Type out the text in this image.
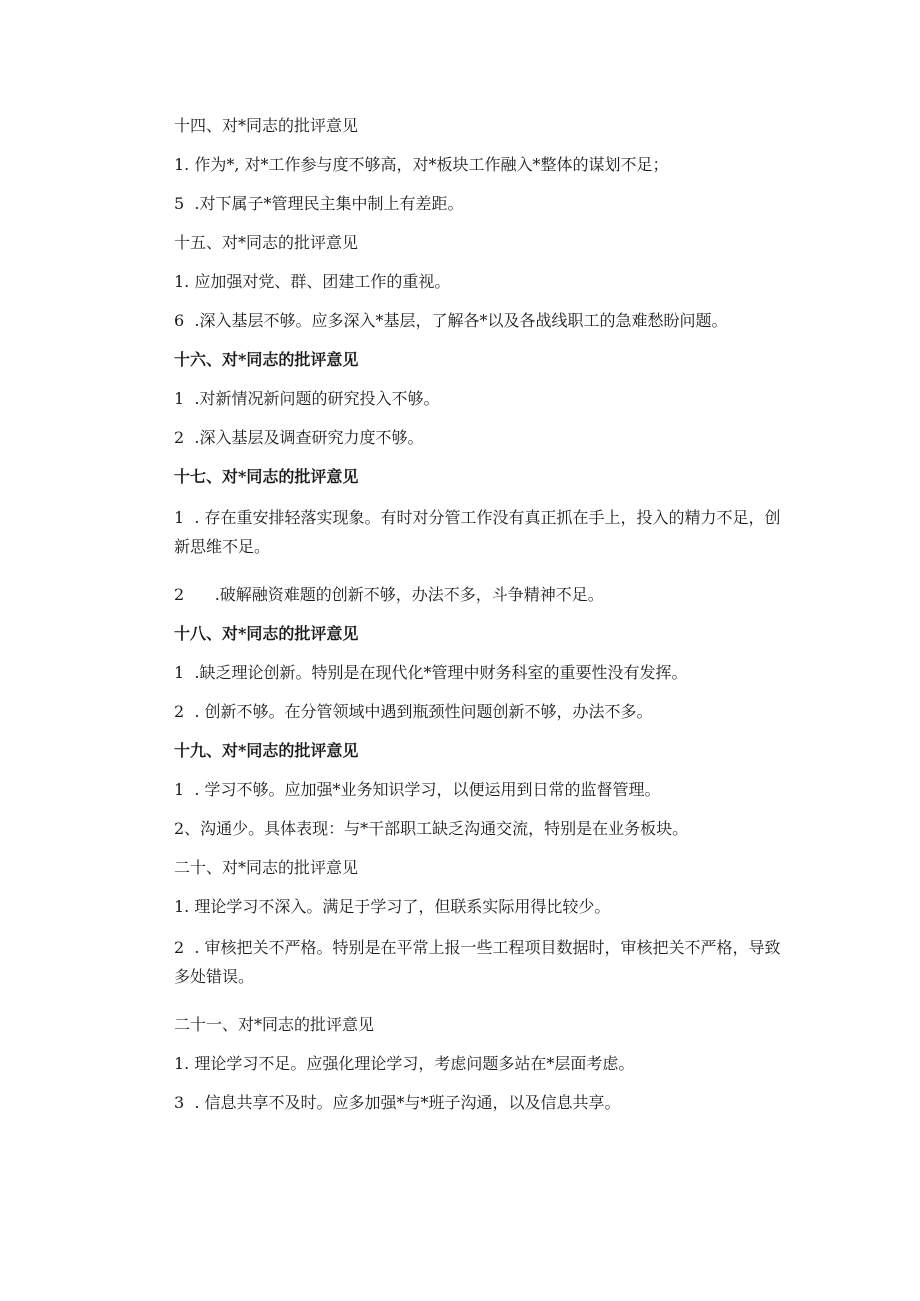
十四、对*同志的批评意见

1. 作为*, 对*工作参与度不够高，对*板块工作融入*整体的谋划不足；

5  .对下属子*管理民主集中制上有差距。

十五、对*同志的批评意见

1. 应加强对党、群、团建工作的重视。

6  .深入基层不够。应多深入*基层，了解各*以及各战线职工的急难愁盼问题。

十六、对*同志的批评意见

1  .对新情况新问题的研究投入不够。

2  .深入基层及调查研究力度不够。

十七、对*同志的批评意见

1  . 存在重安排轻落实现象。有时对分管工作没有真正抓在手上，投入的精力不足，创新思维不足。

2      .破解融资难题的创新不够，办法不多，斗争精神不足。

十八、对*同志的批评意见

1  .缺乏理论创新。特别是在现代化*管理中财务科室的重要性没有发挥。

2  . 创新不够。在分管领域中遇到瓶颈性问题创新不够，办法不多。

十九、对*同志的批评意见

1  . 学习不够。应加强*业务知识学习，以便运用到日常的监督管理。

2、沟通少。具体表现：与*干部职工缺乏沟通交流，特别是在业务板块。

二十、对*同志的批评意见

1. 理论学习不深入。满足于学习了，但联系实际用得比较少。

2  . 审核把关不严格。特别是在平常上报一些工程项目数据时，审核把关不严格，导致多处错误。

二十一、对*同志的批评意见

1. 理论学习不足。应强化理论学习，考虑问题多站在*层面考虑。

3  . 信息共享不及时。应多加强*与*班子沟通，以及信息共享。
